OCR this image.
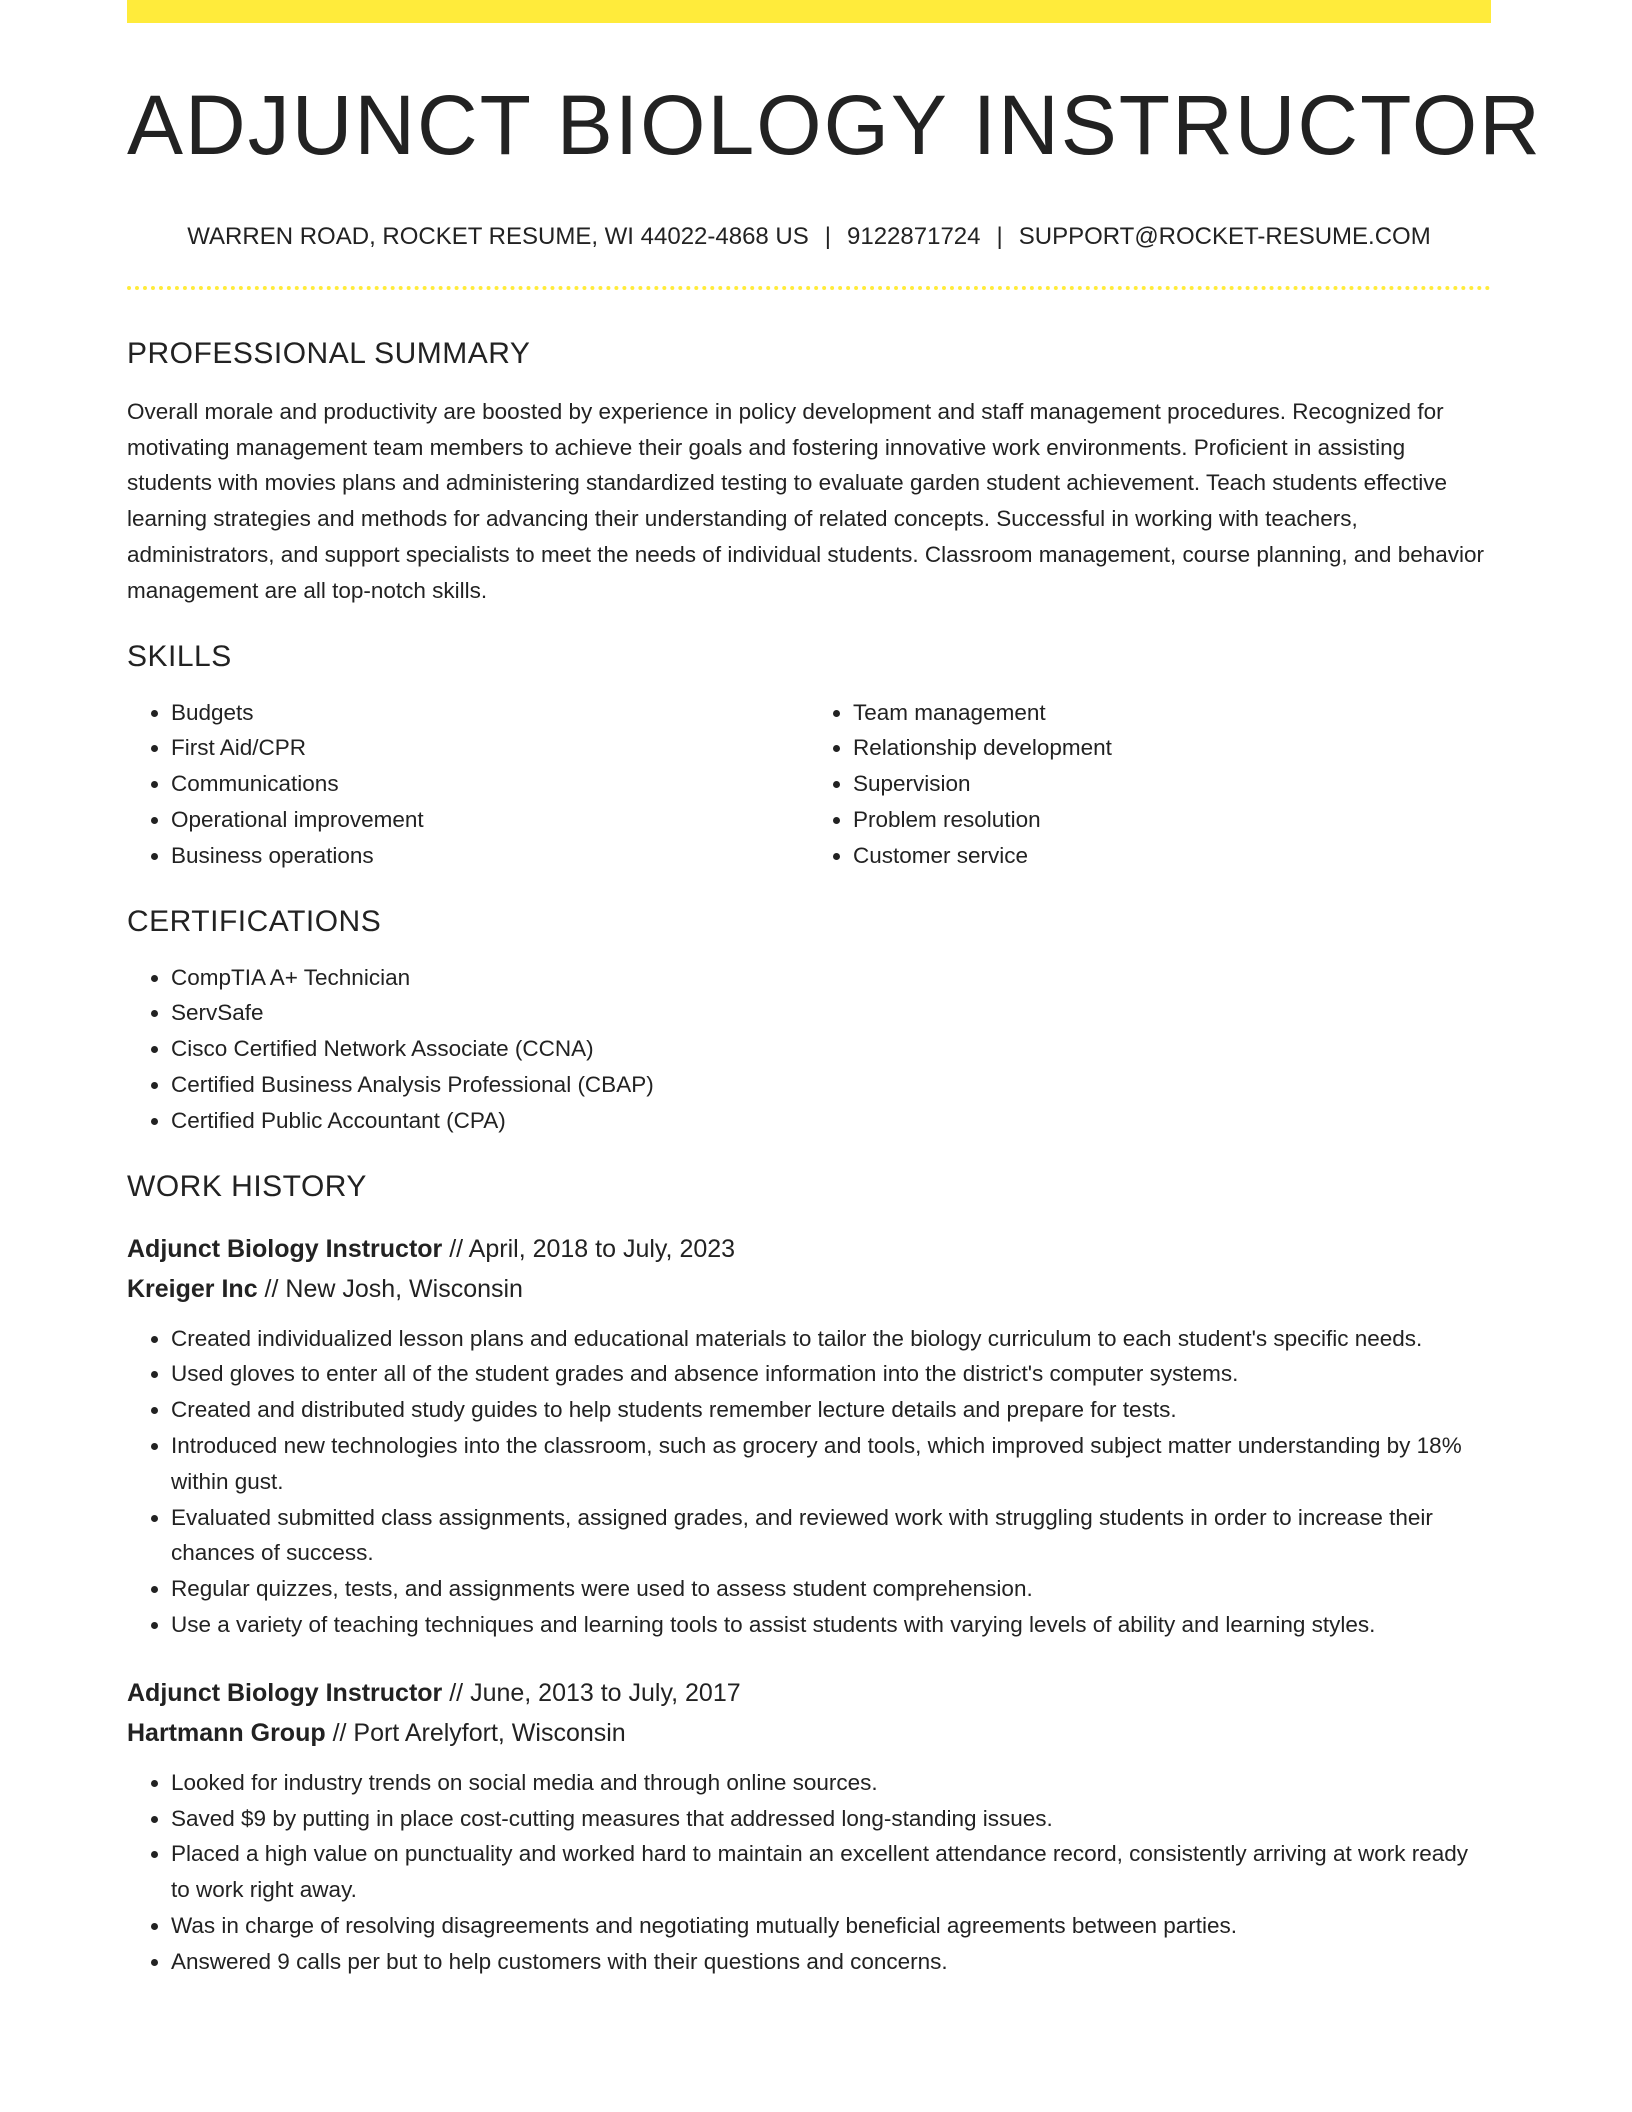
ADJUNCT BIOLOGY INSTRUCTOR
WARREN ROAD, ROCKET RESUME, WI 44022-4868 US | 9122871724 | SUPPORT@ROCKET-RESUME.COM
PROFESSIONAL SUMMARY

Overall morale and productivity are boosted by experience in policy development and staff management procedures. Recognized for motivating management team members to achieve their goals and fostering innovative work environments. Proficient in assisting students with movies plans and administering standardized testing to evaluate garden student achievement. Teach students effective learning strategies and methods for advancing their understanding of related concepts. Successful in working with teachers, administrators, and support specialists to meet the needs of individual students. Classroom management, course planning, and behavior management are all top-notch skills.

SKILLS
• Budgets
• First Aid/CPR
• Communications
• Operational improvement
• Business operations
• Team management
• Relationship development
• Supervision
• Problem resolution
• Customer service
CERTIFICATIONS
• CompTIA A+ Technician
• ServSafe
• Cisco Certified Network Associate (CCNA)
• Certified Business Analysis Professional (CBAP)
• Certified Public Accountant (CPA)
WORK HISTORY

Adjunct Biology Instructor // April, 2018 to July, 2023

Kreiger Inc // New Josh, Wisconsin

• Created individualized lesson plans and educational materials to tailor the biology curriculum to each student's specific needs.
• Used gloves to enter all of the student grades and absence information into the district's computer systems.
• Created and distributed study guides to help students remember lecture details and prepare for tests.
• Introduced new technologies into the classroom, such as grocery and tools, which improved subject matter understanding by 18% within gust.
• Evaluated submitted class assignments, assigned grades, and reviewed work with struggling students in order to increase their chances of success.
• Regular quizzes, tests, and assignments were used to assess student comprehension.
• Use a variety of teaching techniques and learning tools to assist students with varying levels of ability and learning styles.

Adjunct Biology Instructor // June, 2013 to July, 2017

Hartmann Group // Port Arelyfort, Wisconsin

• Looked for industry trends on social media and through online sources.
• Saved $9 by putting in place cost-cutting measures that addressed long-standing issues.
• Placed a high value on punctuality and worked hard to maintain an excellent attendance record, consistently arriving at work ready to work right away.
• Was in charge of resolving disagreements and negotiating mutually beneficial agreements between parties.
• Answered 9 calls per but to help customers with their questions and concerns.
